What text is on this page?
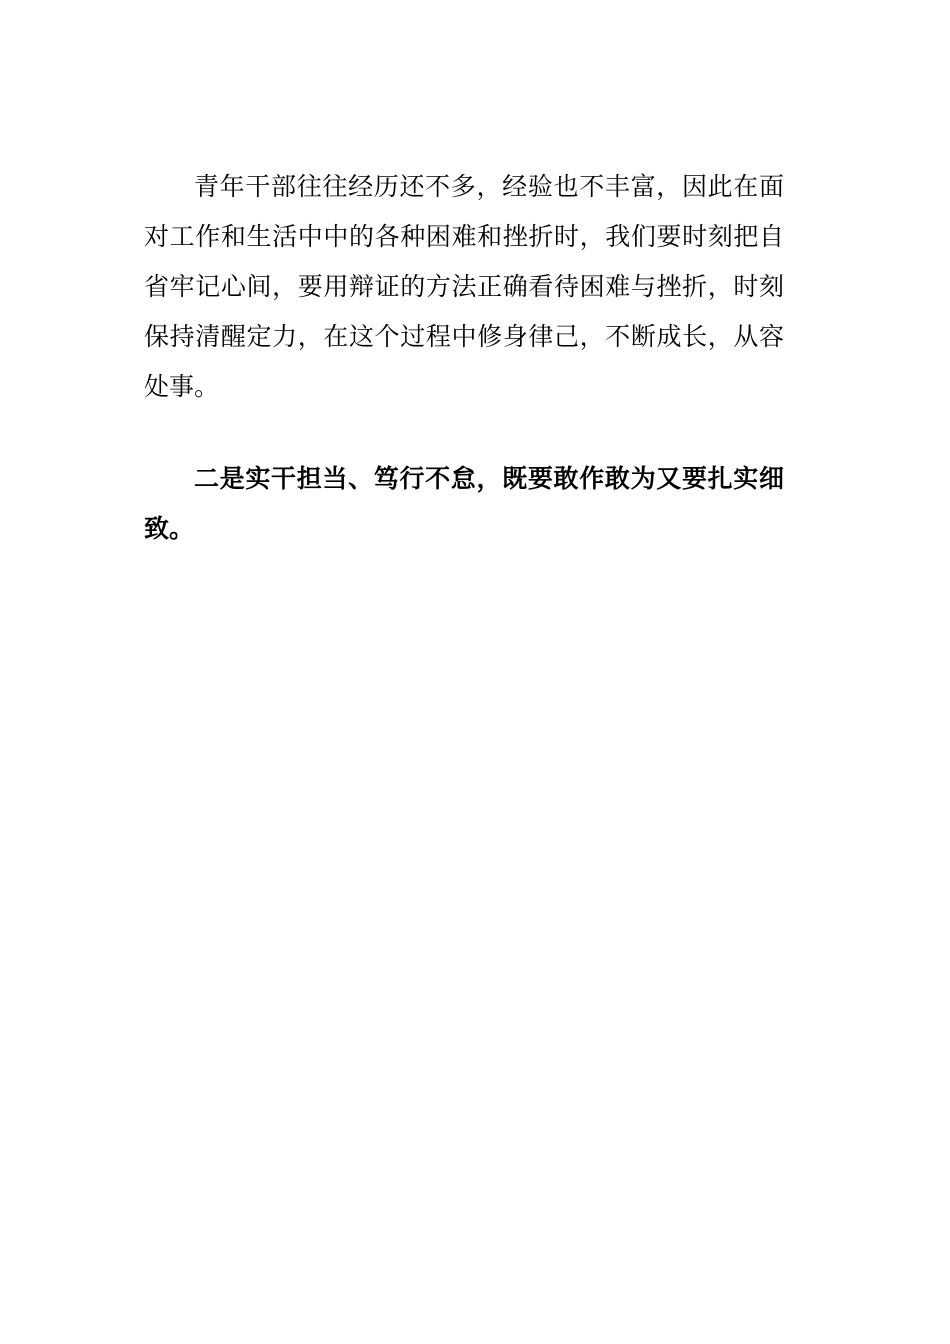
青年干部往往经历还不多，经验也不丰富，因此在面对工作和生活中中的各种困难和挫折时，我们要时刻把自省牢记心间，要用辩证的方法正确看待困难与挫折，时刻保持清醒定力，在这个过程中修身律己，不断成长，从容处事。

二是实干担当、笃行不怠，既要敢作敢为又要扎实细致。
